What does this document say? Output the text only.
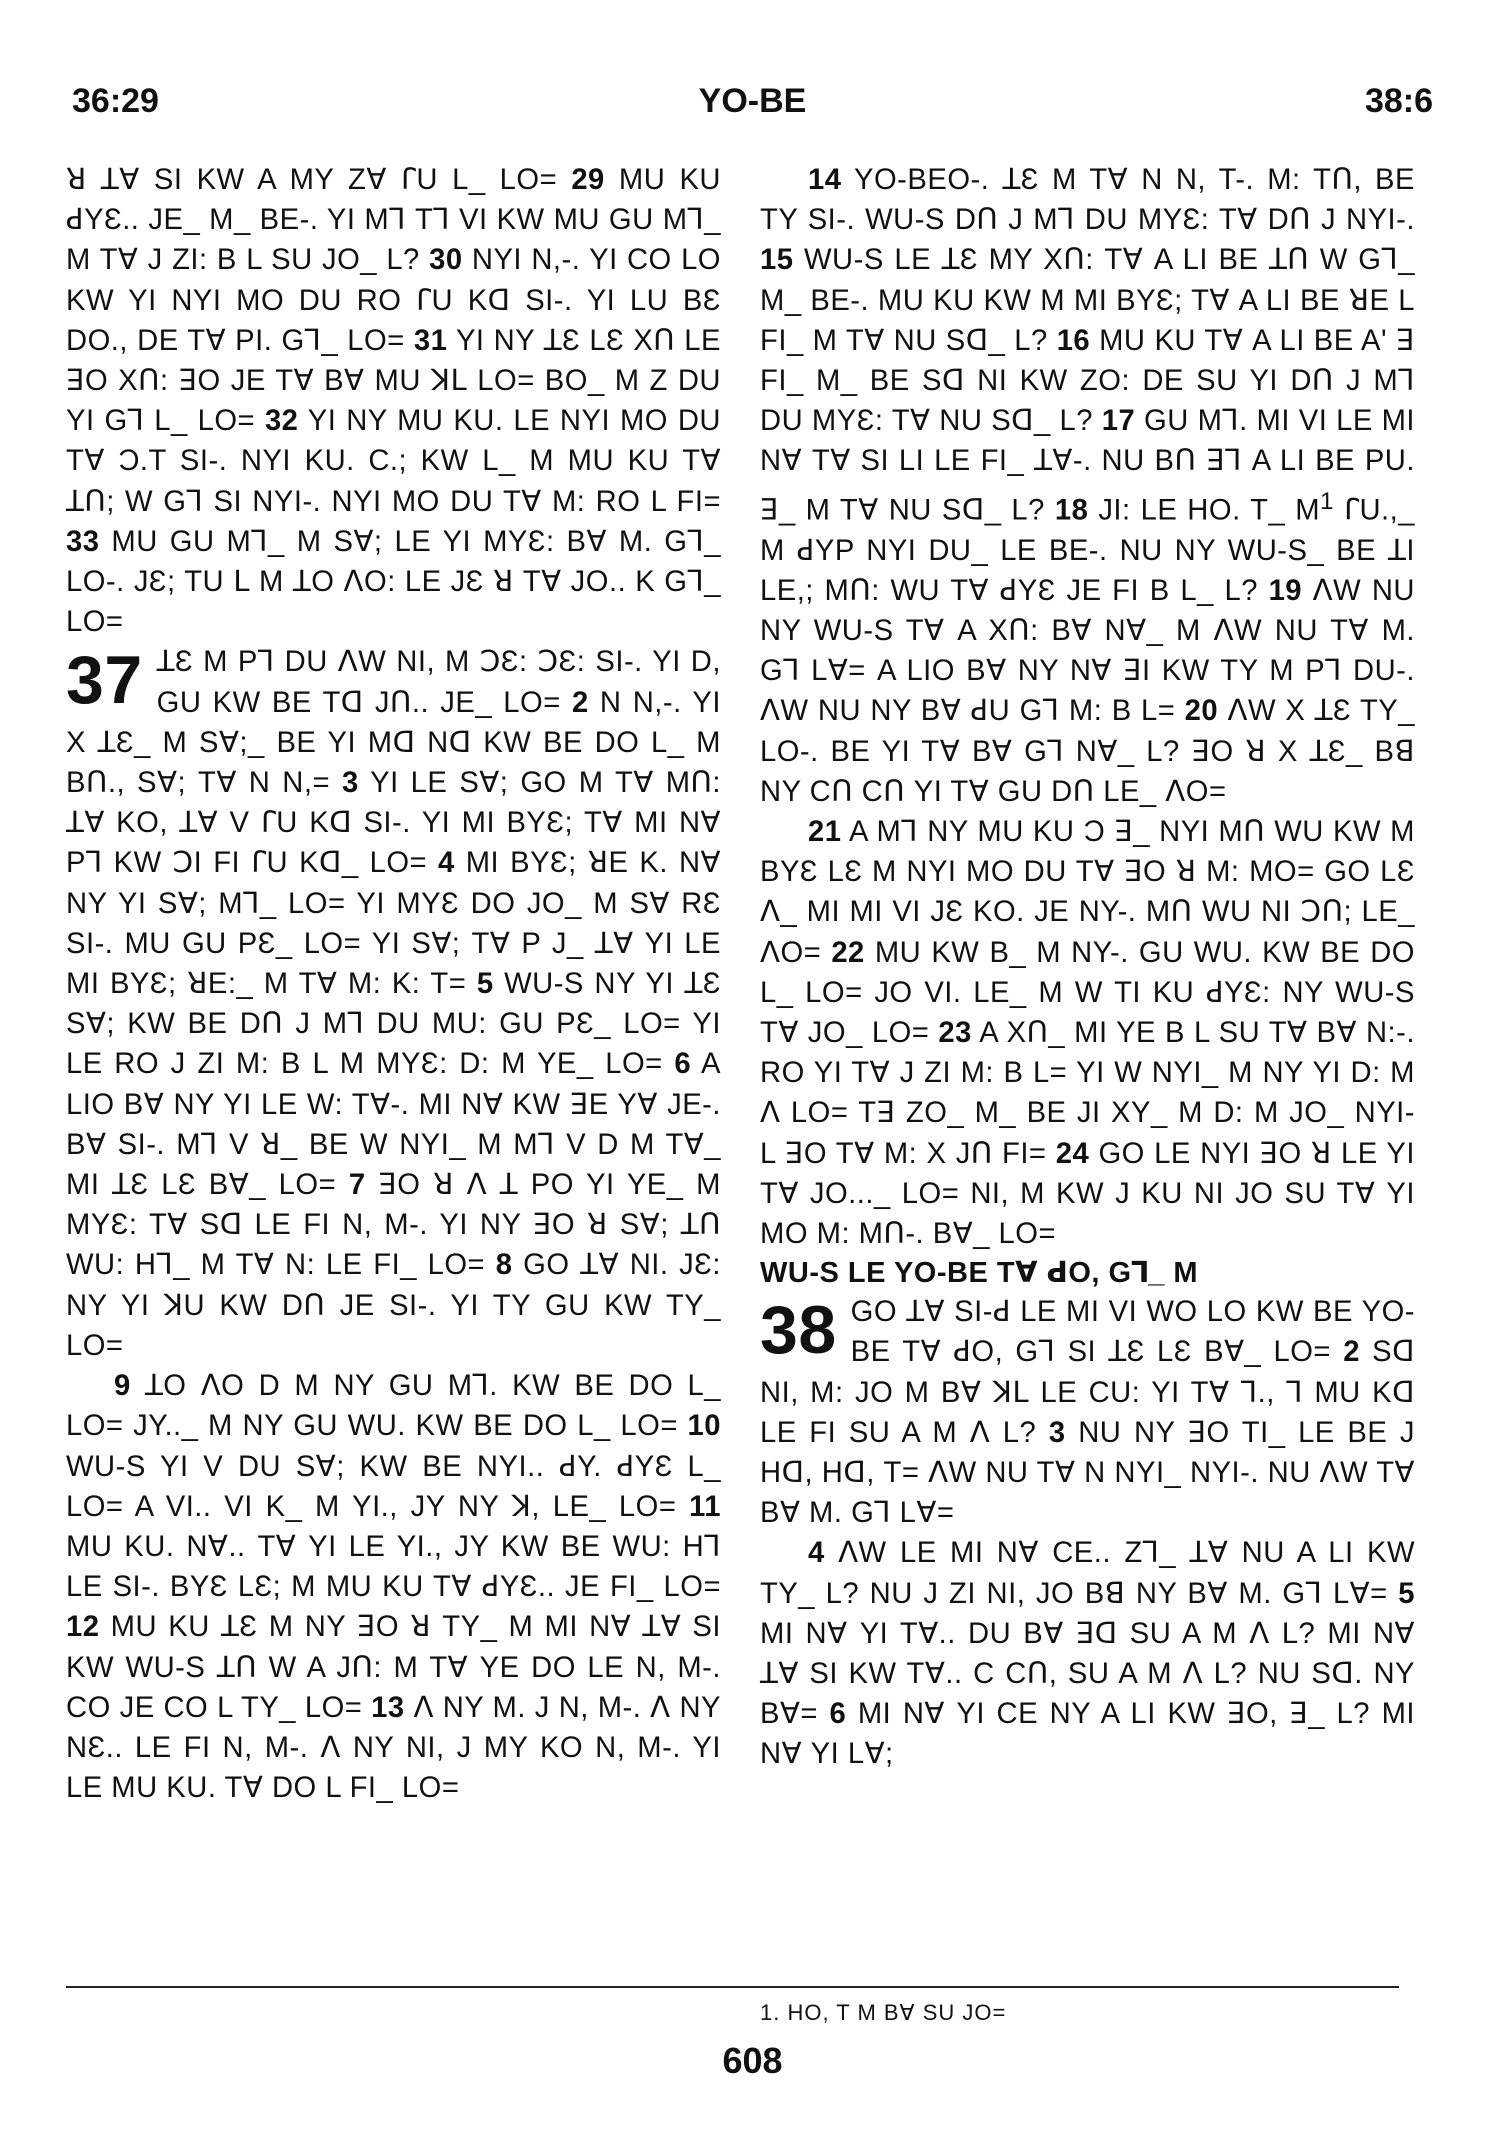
36:29	YO-BE	38:6

ꓤ ꓕꓯ SI KW A MY Zꓯ ꓩU L_ LO= 29 MU KU ꓒYƐ.. JE_ M_ BE-. YI Mꓶ Tꓶ VI KW MU GU Mꓶ_ M Tꓯ J ZI: B L SU JO_ L? 30 NYI N,-. YI CO LO KW YI NYI MO DU RO ꓩU Kꓷ SI-. YI LU BƐ DO., DE Tꓯ PI. Gꓶ_ LO= 31 YI NY ꓕƐ LƐ Xꓵ LE ꓱO Xꓵ: ꓱO JE Tꓯ Bꓯ MU ꓘꓡ LO= BO_ M Z DU YI Gꓶ L_ LO= 32 YI NY MU KU. LE NYI MO DU Tꓯ Ɔ.T SI-. NYI KU. C.; KW L_ M MU KU Tꓯ ꓕꓵ; W Gꓶ SI NYI-. NYI MO DU Tꓯ M: RO L FI= 33 MU GU Mꓶ_ M Sꓯ; LE YI MYƐ: Bꓯ M. Gꓶ_ LO-. JƐ; TU ꓡ M ꓕO ꓥO: LE JƐ ꓤ Tꓯ JO.. K Gꓶ_ LO=

37 ꓕƐ M Pꓶ DU ꓥW NI, M ꓛƐ: ꓛƐ: SI-. YI D, GU KW BE Tꓷ Jꓵ.. JE_ LO= 2 N N,-. YI X ꓕƐ_ M Sꓯ;_ BE YI Mꓷ Nꓷ KW BE DO L_ M Bꓵ., Sꓯ; Tꓯ N N,= 3 YI LE Sꓯ; GO M Tꓯ Mꓵ: ꓕꓯ KO, ꓕꓯ V ꓩU Kꓷ SI-. YI MI BYƐ; Tꓯ MI Nꓯ Pꓶ KW ꓛI FI ꓩU Kꓷ_ LO= 4 MI BYƐ; ꓤE K. Nꓯ NY YI Sꓯ; Mꓶ_ LO= YI MYƐ DO JO_ M Sꓯ RƐ SI-. MU GU PƐ_ LO= YI Sꓯ; Tꓯ P J_ ꓕꓯ YI LE MI BYƐ; ꓤE:_ M Tꓯ M: K: T= 5 WU-S NY YI ꓕƐ Sꓯ; KW BE Dꓵ J Mꓶ DU MU: GU PƐ_ LO= YI LE RO J ZI M: B L M MYƐ: D: M YE_ LO= 6 A LIO Bꓯ NY YI LE W: Tꓯ-. MI Nꓯ KW ꓱE Yꓯ JE-. Bꓯ SI-. Mꓶ V ꓤ_ BE W NYI_ M Mꓶ V D M Tꓯ_ MI ꓕƐ LƐ Bꓯ_ LO= 7 ꓱO ꓤ ꓥ ꓕ PO YI YE_ M MYƐ: Tꓯ Sꓷ LE FI N, M-. YI NY ꓱO ꓤ Sꓯ; ꓕꓵ WU: Hꓶ_ M Tꓯ N: LE FI_ LO= 8 GO ꓕꓯ NI. JƐ: NY YI ꓘU KW Dꓵ JE SI-. YI TY GU KW TY_ LO=

9 ꓕO ꓥO D M NY GU Mꓶ. KW BE DO L_ LO= JY.._ M NY GU WU. KW BE DO L_ LO= 10 WU-S YI V DU Sꓯ; KW BE NYI.. ꓒY. ꓒYƐ L_ LO= A VI.. VI K_ M YI., JY NY ꓘ, LE_ LO= 11 MU KU. Nꓯ.. Tꓯ YI LE YI., JY KW BE WU: Hꓶ LE SI-. BYƐ LƐ; M MU KU Tꓯ ꓒYƐ.. JE FI_ LO= 12 MU KU ꓕƐ M NY ꓱO ꓤ TY_ M MI Nꓯ ꓕꓯ SI KW WU-S ꓕꓵ W A Jꓵ: M Tꓯ YE DO LE N, M-. CO JE CO L TY_ LO= 13 ꓥ NY M. J N, M-. ꓥ NY NƐ.. LE FI N, M-. ꓥ NY NI, J MY KO N, M-. YI LE MU KU. Tꓯ DO L FI_ LO=

14 YO-BEO-. ꓕƐ M Tꓯ N N, T-. M: Tꓵ, BE TY SI-. WU-S Dꓵ J Mꓶ DU MYƐ: Tꓯ Dꓵ J NYI-. 15 WU-S LE ꓕƐ MY Xꓵ: Tꓯ A LI BE ꓕꓵ W Gꓶ_ M_ BE-. MU KU KW M MI BYƐ; Tꓯ A LI BE ꓤE L FI_ M Tꓯ NU Sꓷ_ L? 16 MU KU Tꓯ A LI BE A' ꓱ FI_ M_ BE Sꓷ NI KW ZO: DE SU YI Dꓵ J Mꓶ DU MYƐ: Tꓯ NU Sꓷ_ L? 17 GU Mꓶ. MI VI LE MI Nꓯ Tꓯ SI LI LE FI_ ꓕꓯ-. NU Bꓵ ꓱꓶ A LI BE PU. ꓱ_ M Tꓯ NU Sꓷ_ L? 18 JI: LE HO. T_ $M^1$ ꓩU.,_ M ꓒYP NYI DU_ LE BE-. NU NY WU-S_ BE ꓕI LE,; Mꓵ: WU Tꓯ ꓒYƐ JE FI B L_ L? 19 ꓥW NU NY WU-S Tꓯ A Xꓵ: Bꓯ Nꓯ_ M ꓥW NU Tꓯ M. Gꓶ Lꓯ= A LIO Bꓯ NY Nꓯ ꓱI KW TY M Pꓶ DU-. ꓥW NU NY Bꓯ ꓒU Gꓶ M: B L= 20 ꓥW X ꓕƐ TY_ LO-. BE YI Tꓯ Bꓯ Gꓶ Nꓯ_ L? ꓱO ꓤ X ꓕƐ_ Bꓭ NY Cꓵ Cꓵ YI Tꓯ GU Dꓵ LE_ ꓥO=

21 A Mꓶ NY MU KU Ɔ ꓱ_ NYI Mꓵ WU KW M BYƐ LƐ M NYI MO DU Tꓯ ꓱO ꓤ M: MO= GO LƐ ꓥ_ MI MI VI JƐ KO. JE NY-. Mꓵ WU NI ꓛꓵ; LE_ ꓥO= 22 MU KW B_ M NY-. GU WU. KW BE DO L_ LO= JO VI. LE_ M W TI KU ꓒYƐ: NY WU-S Tꓯ JO_ LO= 23 A Xꓵ_ MI YE B L SU Tꓯ Bꓯ N:-. RO YI Tꓯ J ZI M: B L= YI W NYI_ M NY YI D: M ꓥ LO= Tꓱ ZO_ M_ BE JI XY_ M D: M JO_ NYI- L ꓱO Tꓯ M: X Jꓵ FI= 24 GO LE NYI ꓱO ꓤ LE YI Tꓯ JO..._ LO= NI, M KW J KU NI JO SU Tꓯ YI MO M: Mꓵ-. Bꓯ_ LO=

WU-S LE YO-BE Tꓯ ꓒO, Gꓶ_ M

38 GO ꓕꓯ SI-ꓒ LE MI VI WO LO KW BE YO-BE Tꓯ ꓒO, Gꓶ SI ꓕƐ LƐ Bꓯ_ LO= 2 Sꓷ NI, M: JO M Bꓯ ꓘꓡ LE CU: YI Tꓯ ꓶ., ꓶ MU Kꓷ LE FI SU A M ꓥ L? 3 NU NY ꓱO TI_ LE BE J Hꓷ, Hꓷ, T= ꓥW NU Tꓯ N NYI_ NYI-. NU ꓥW Tꓯ Bꓯ M. Gꓶ Lꓯ=

4 ꓥW LE MI Nꓯ CE.. Zꓶ_ ꓕꓯ NU A LI KW TY_ L? NU J ZI NI, JO Bꓭ NY Bꓯ M. Gꓶ Lꓯ= 5 MI Nꓯ YI Tꓯ.. DU Bꓯ ꓱꓷ SU A M ꓥ L? MI Nꓯ ꓕꓯ SI KW Tꓯ.. C Cꓵ, SU A M ꓥ L? NU Sꓷ. NY Bꓯ= 6 MI Nꓯ YI CE NY A LI KW ꓱO, ꓱ_ L? MI Nꓯ YI Lꓯ;

1. HO, T M Bꓯ SU JO=
608
